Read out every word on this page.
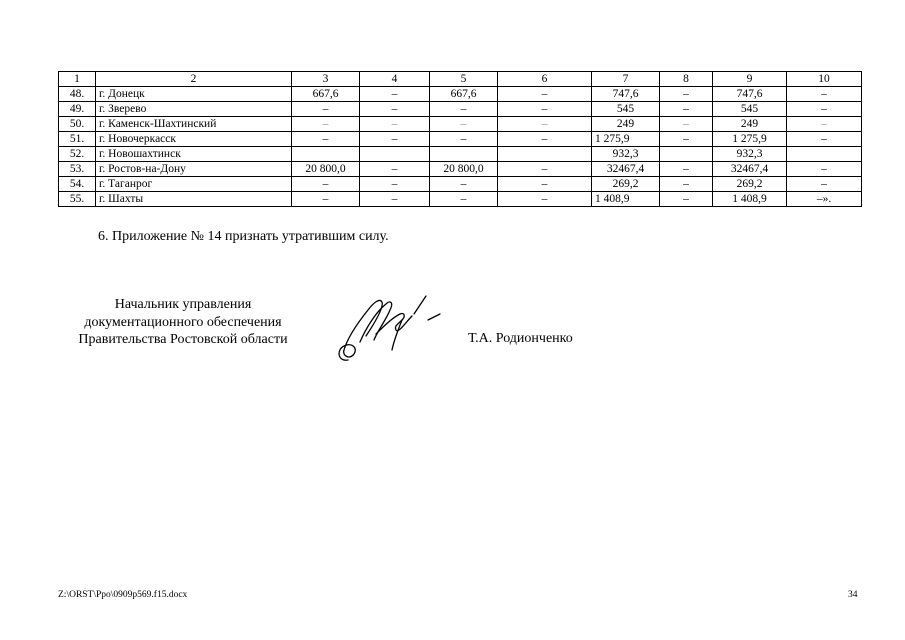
1	2	3	4	5	6	7	8	9	10
48.	г. Донецк	667,6	–	667,6	–	747,6	–	747,6	–
49.	г. Зверево	–	–	–	–	545	–	545	–
50.	г. Каменск-Шахтинский	–	–	–	–	249	–	249	–
51.	г. Новочеркасск	–	–	–	–	1 275,9	–	1 275,9	–
52.	г. Новошахтинск					932,3		932,3	
53.	г. Ростов-на-Дону	20 800,0	–	20 800,0	–	32467,4	–	32467,4	–
54.	г. Таганрог	–	–	–	–	269,2	–	269,2	–
55.	г. Шахты	–	–	–	–	1 408,9	–	1 408,9	–».
6. Приложение № 14 признать утратившим силу.
Начальник управления
документационного обеспечения
Правительства Ростовской области	Т.А. Родионченко
Z:\ORST\Ppo\0909p569.f15.docx	34
